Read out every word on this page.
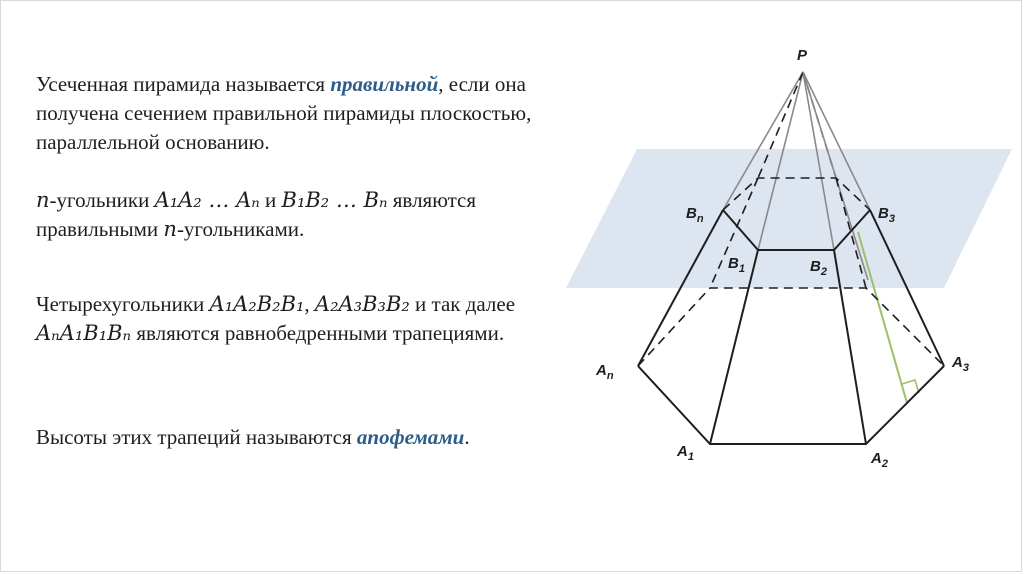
Усеченная пирамида называется правильной, если она получена сечением правильной пирамиды плоскостью, параллельной основанию.
n-угольники A₁A₂ … Aₙ и B₁B₂ … Bₙ являются правильными n-угольниками.
Четырехугольники A₁A₂B₂B₁, A₂A₃B₃B₂ и так далее AₙA₁B₁Bₙ являются равнобедренными трапециями.
Высоты этих трапеций называются апофемами.
P
$B_n$	$B_3$
$B_1$	$B_2$
$A_n$
$A_3$
$A_1$	$A_2$
